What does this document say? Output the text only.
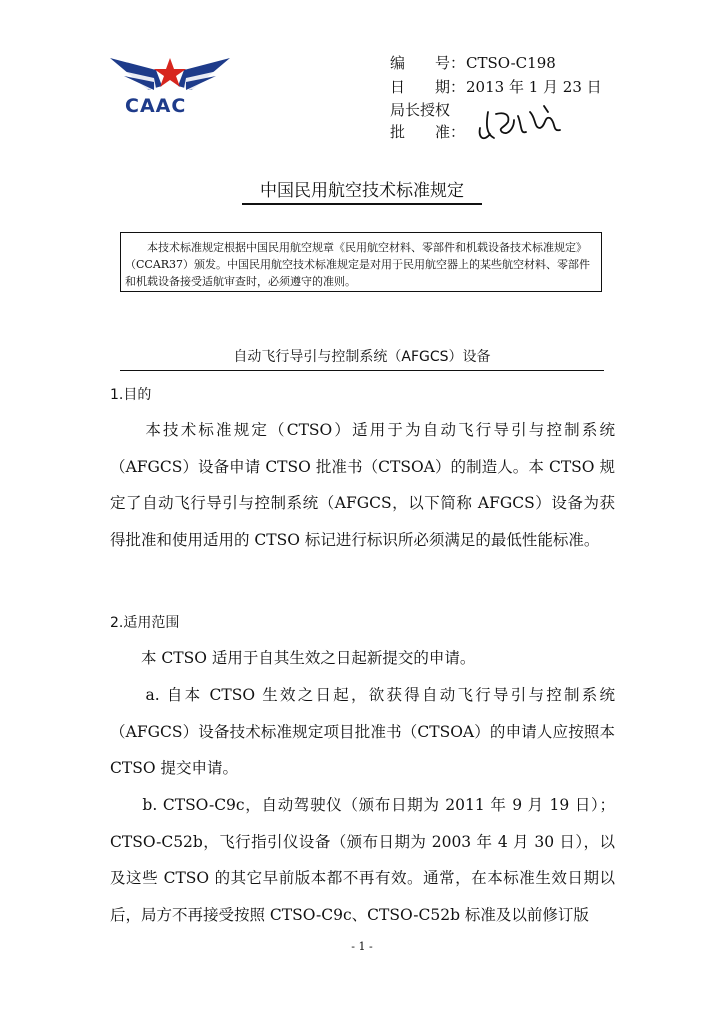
CAAC
编　　号：CTSO-C198
日　　期：2013 年 1 月 23 日
局长授权
批　　准：
中国民用航空技术标准规定
本技术标准规定根据中国民用航空规章《民用航空材料、零部件和机载设备技术标准规定》（CCAR37）颁发。中国民用航空技术标准规定是对用于民用航空器上的某些航空材料、零部件和机载设备接受适航审查时，必须遵守的准则。
自动飞行导引与控制系统（AFGCS）设备
1.目的
　　本技术标准规定（CTSO）适用于为自动飞行导引与控制系统（AFGCS）设备申请 CTSO 批准书（CTSOA）的制造人。本 CTSO 规定了自动飞行导引与控制系统（AFGCS，以下简称 AFGCS）设备为获得批准和使用适用的 CTSO 标记进行标识所必须满足的最低性能标准。
2.适用范围
　　本 CTSO 适用于自其生效之日起新提交的申请。
　　a. 自本 CTSO 生效之日起，欲获得自动飞行导引与控制系统（AFGCS）设备技术标准规定项目批准书（CTSOA）的申请人应按照本 CTSO 提交申请。
　　b. CTSO-C9c，自动驾驶仪（颁布日期为 2011 年 9 月 19 日）；CTSO-C52b，飞行指引仪设备（颁布日期为 2003 年 4 月 30 日），以及这些 CTSO 的其它早前版本都不再有效。通常，在本标准生效日期以后，局方不再接受按照 CTSO-C9c、CTSO-C52b 标准及以前修订版
- 1 -
